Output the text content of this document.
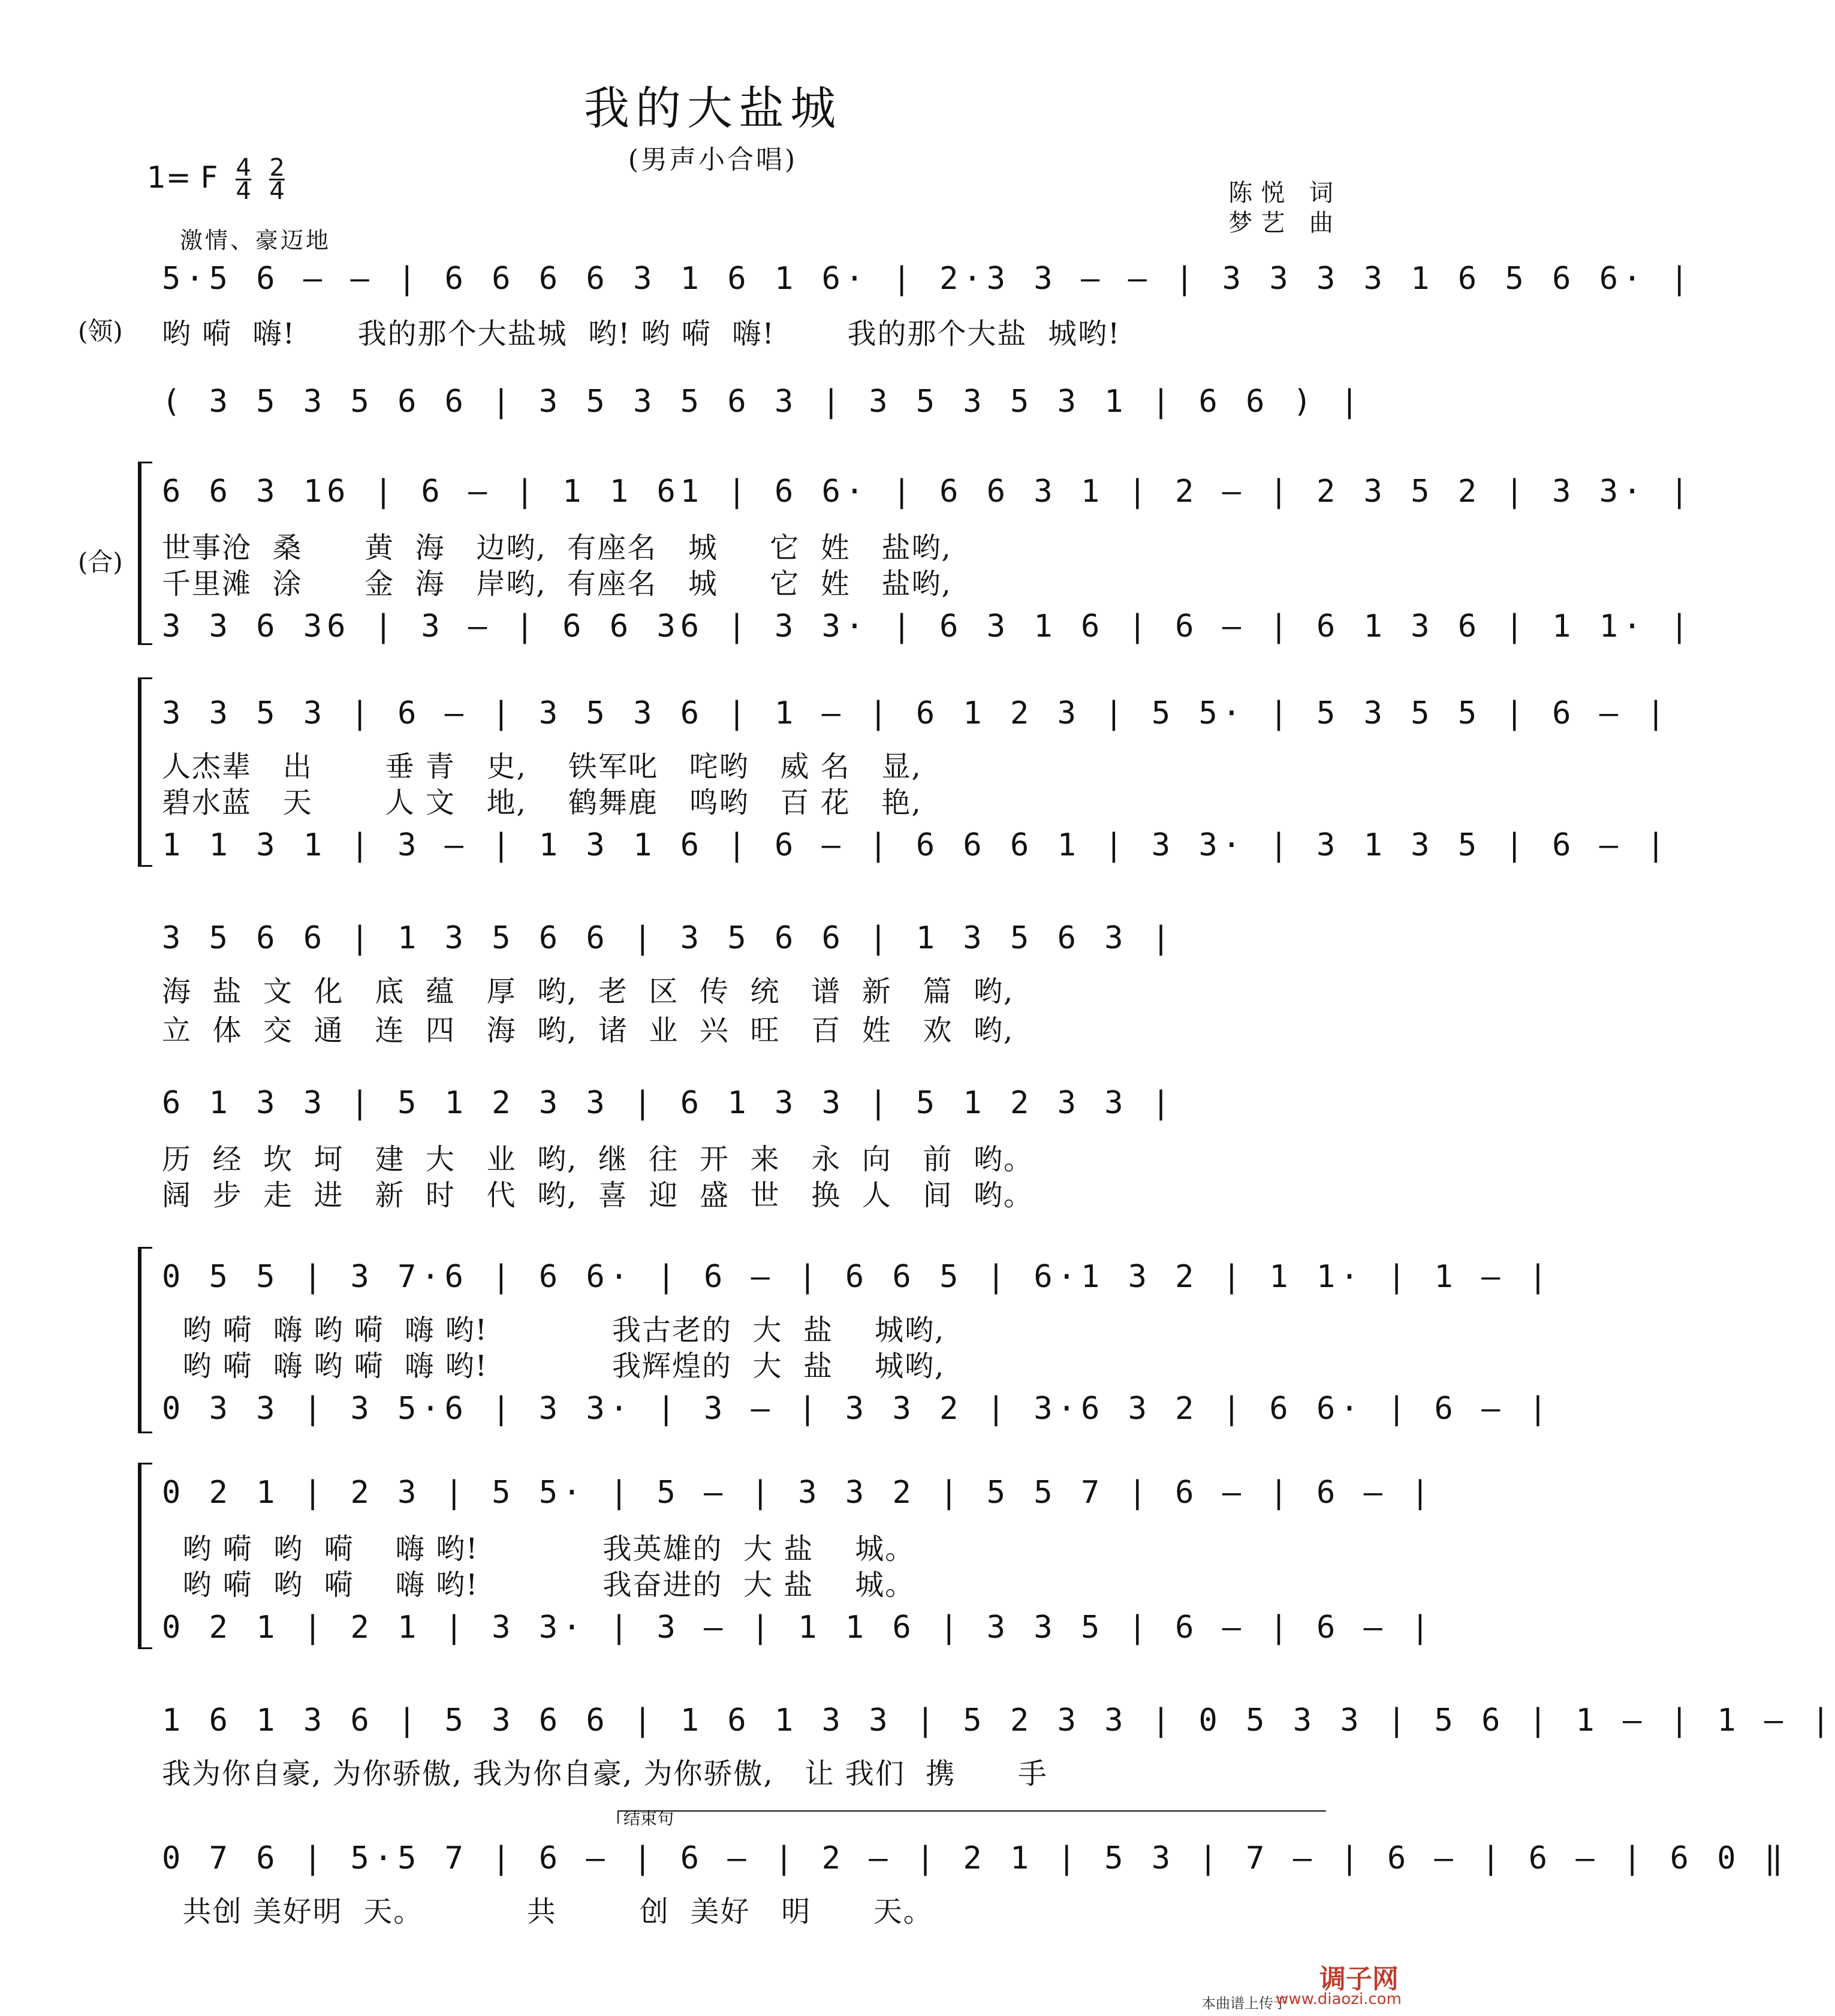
我的大盐城
(男声小合唱)
1= F $\frac{4}{4}$
$\frac{2}{4}$	陈悦 词
梦艺 曲
激情、豪迈地
5·5 6 — — | 6 6 6 6 3 1 6 1 6· | 2·3 3 — — | 3 3 3 3 1 6 5 6 6· |
(领) 哟 嗬  嗨!      我的那个大盐城  哟! 哟 嗬  嗨!       我的那个大盐  城哟!
( 3 5 3 5 6 6 | 3 5 3 5 6 3 | 3 5 3 5 3 1 | 6 6 ) |
(合)
6 6 3 16 | 6 — | 1 1 61 | 6 6· | 6 6 3 1 | 2 — | 2 3 5 2 | 3 3· |
世事沧  桑      黄  海   边哟,  有座名   城     它  姓   盐哟,
千里滩  涂      金  海   岸哟,  有座名   城     它  姓   盐哟,
3 3 6 36 | 3 — | 6 6 36 | 3 3· | 6 3 1 6 | 6 — | 6 1 3 6 | 1 1· |
3 3 5 3 | 6 — | 3 5 3 6 | 1 — | 6 1 2 3 | 5 5· | 5 3 5 5 | 6 — |
人杰辈   出       垂 青   史,    铁军叱   咤哟   威 名   显,
碧水蓝   天       人 文   地,    鹤舞鹿   鸣哟   百 花   艳,
1 1 3 1 | 3 — | 1 3 1 6 | 6 — | 6 6 6 1 | 3 3· | 3 1 3 5 | 6 — |
3 5 6 6 | 1 3 5 6 6 | 3 5 6 6 | 1 3 5 6 3 |
海  盐  文  化   底  蕴   厚  哟,  老  区  传  统   谱  新   篇  哟,
立  体  交  通   连  四   海  哟,  诸  业  兴  旺   百  姓   欢  哟,
6 1 3 3 | 5 1 2 3 3 | 6 1 3 3 | 5 1 2 3 3 |
历  经  坎  坷   建  大   业  哟,  继  往  开  来   永  向   前  哟。
阔  步  走  进   新  时   代  哟,  喜  迎  盛  世   换  人   间  哟。
0 5 5 | 3 7·6 | 6 6· | 6 — | 6 6 5 | 6·1 3 2 | 1 1· | 1 — |
哟 嗬  嗨 哟 嗬  嗨 哟!            我古老的  大  盐    城哟,
哟 嗬  嗨 哟 嗬  嗨 哟!            我辉煌的  大  盐    城哟,
0 3 3 | 3 5·6 | 3 3· | 3 — | 3 3 2 | 3·6 3 2 | 6 6· | 6 — |
0 2 1 | 2 3 | 5 5· | 5 — | 3 3 2 | 5 5 7 | 6 — | 6 — |
哟 嗬  哟  嗬    嗨 哟!            我英雄的  大 盐    城。
哟 嗬  哟  嗬    嗨 哟!            我奋进的  大 盐    城。
0 2 1 | 2 1 | 3 3· | 3 — | 1 1 6 | 3 3 5 | 6 — | 6 — |
1 6 1 3 6 | 5 3 6 6 | 1 6 1 3 3 | 5 2 3 3 | 0 5 3 3 | 5 6 | 1 — | 1 — |
我为你自豪, 为你骄傲, 我为你自豪, 为你骄傲,   让 我们  携      手
结束句
0 7 6 | 5·5 7 | 6 — | 6 — | 2 — | 2 1 | 5 3 | 7 — | 6 — | 6 — | 6 0 ‖
共创 美好明  天。          共        创  美好   明      天。
调子网
本曲谱上传于
www.diaozi.com
